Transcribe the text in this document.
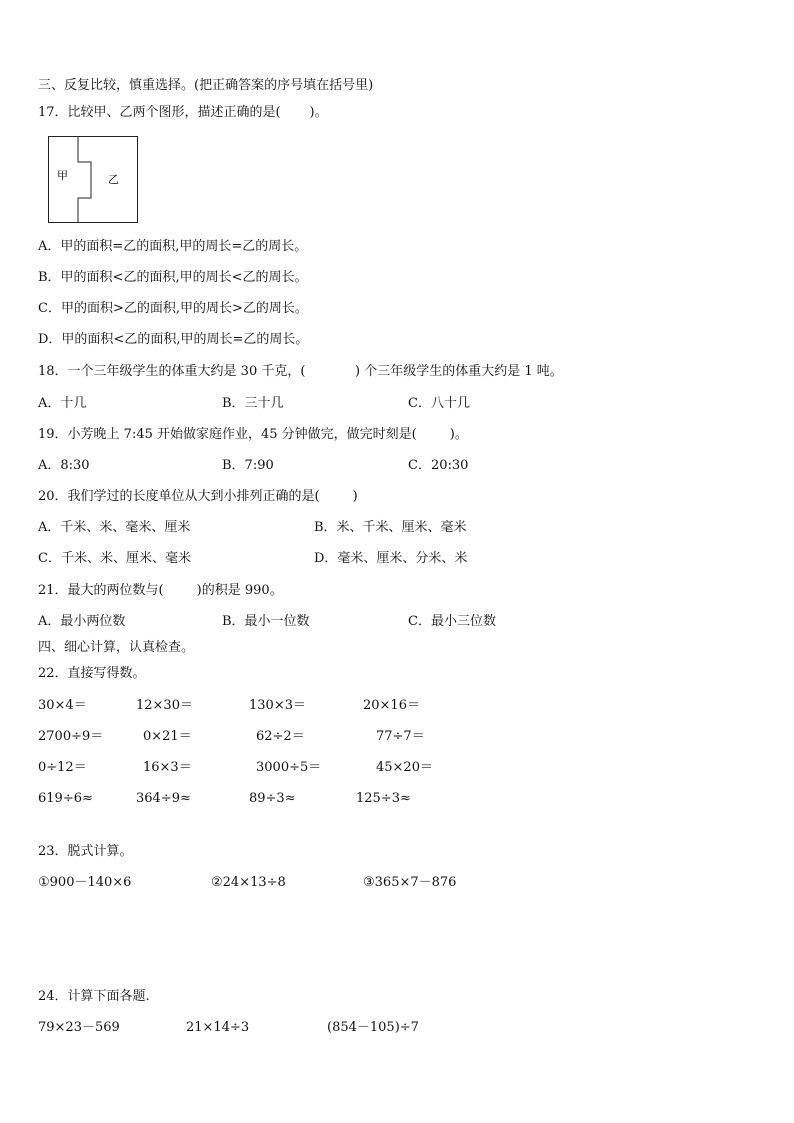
三、反复比较，慎重选择。(把正确答案的序号填在括号里)
17．比较甲、乙两个图形，描述正确的是(       )。
甲	乙
A．甲的面积=乙的面积,甲的周长=乙的周长。
B．甲的面积<乙的面积,甲的周长<乙的周长。
C．甲的面积>乙的面积,甲的周长>乙的周长。
D．甲的面积<乙的面积,甲的周长=乙的周长。
18．一个三年级学生的体重大约是 30 千克，(            ) 个三年级学生的体重大约是 1 吨。
A．十几	B．三十几	C．八十几
19．小芳晚上 7:45 开始做家庭作业，45 分钟做完，做完时刻是(        )。
A．8:30	B．7:90	C．20:30
20．我们学过的长度单位从大到小排列正确的是(        )
A．千米、米、毫米、厘米	B．米、千米、厘米、毫米
C．千米、米、厘米、毫米	D．毫米、厘米、分米、米
21．最大的两位数与(        )的积是 990。
A．最小两位数	B．最小一位数	C．最小三位数
四、细心计算，认真检查。
22．直接写得数。
30×4＝	12×30＝	130×3＝	20×16＝
2700÷9＝	0×21＝	62÷2＝	77÷7＝
0÷12＝	16×3＝	3000÷5＝	45×20＝
619÷6≈	364÷9≈	89÷3≈	125÷3≈
23．脱式计算。
①900－140×6	②24×13÷8	③365×7－876
24．计算下面各题.
79×23－569	21×14÷3	(854－105)÷7
